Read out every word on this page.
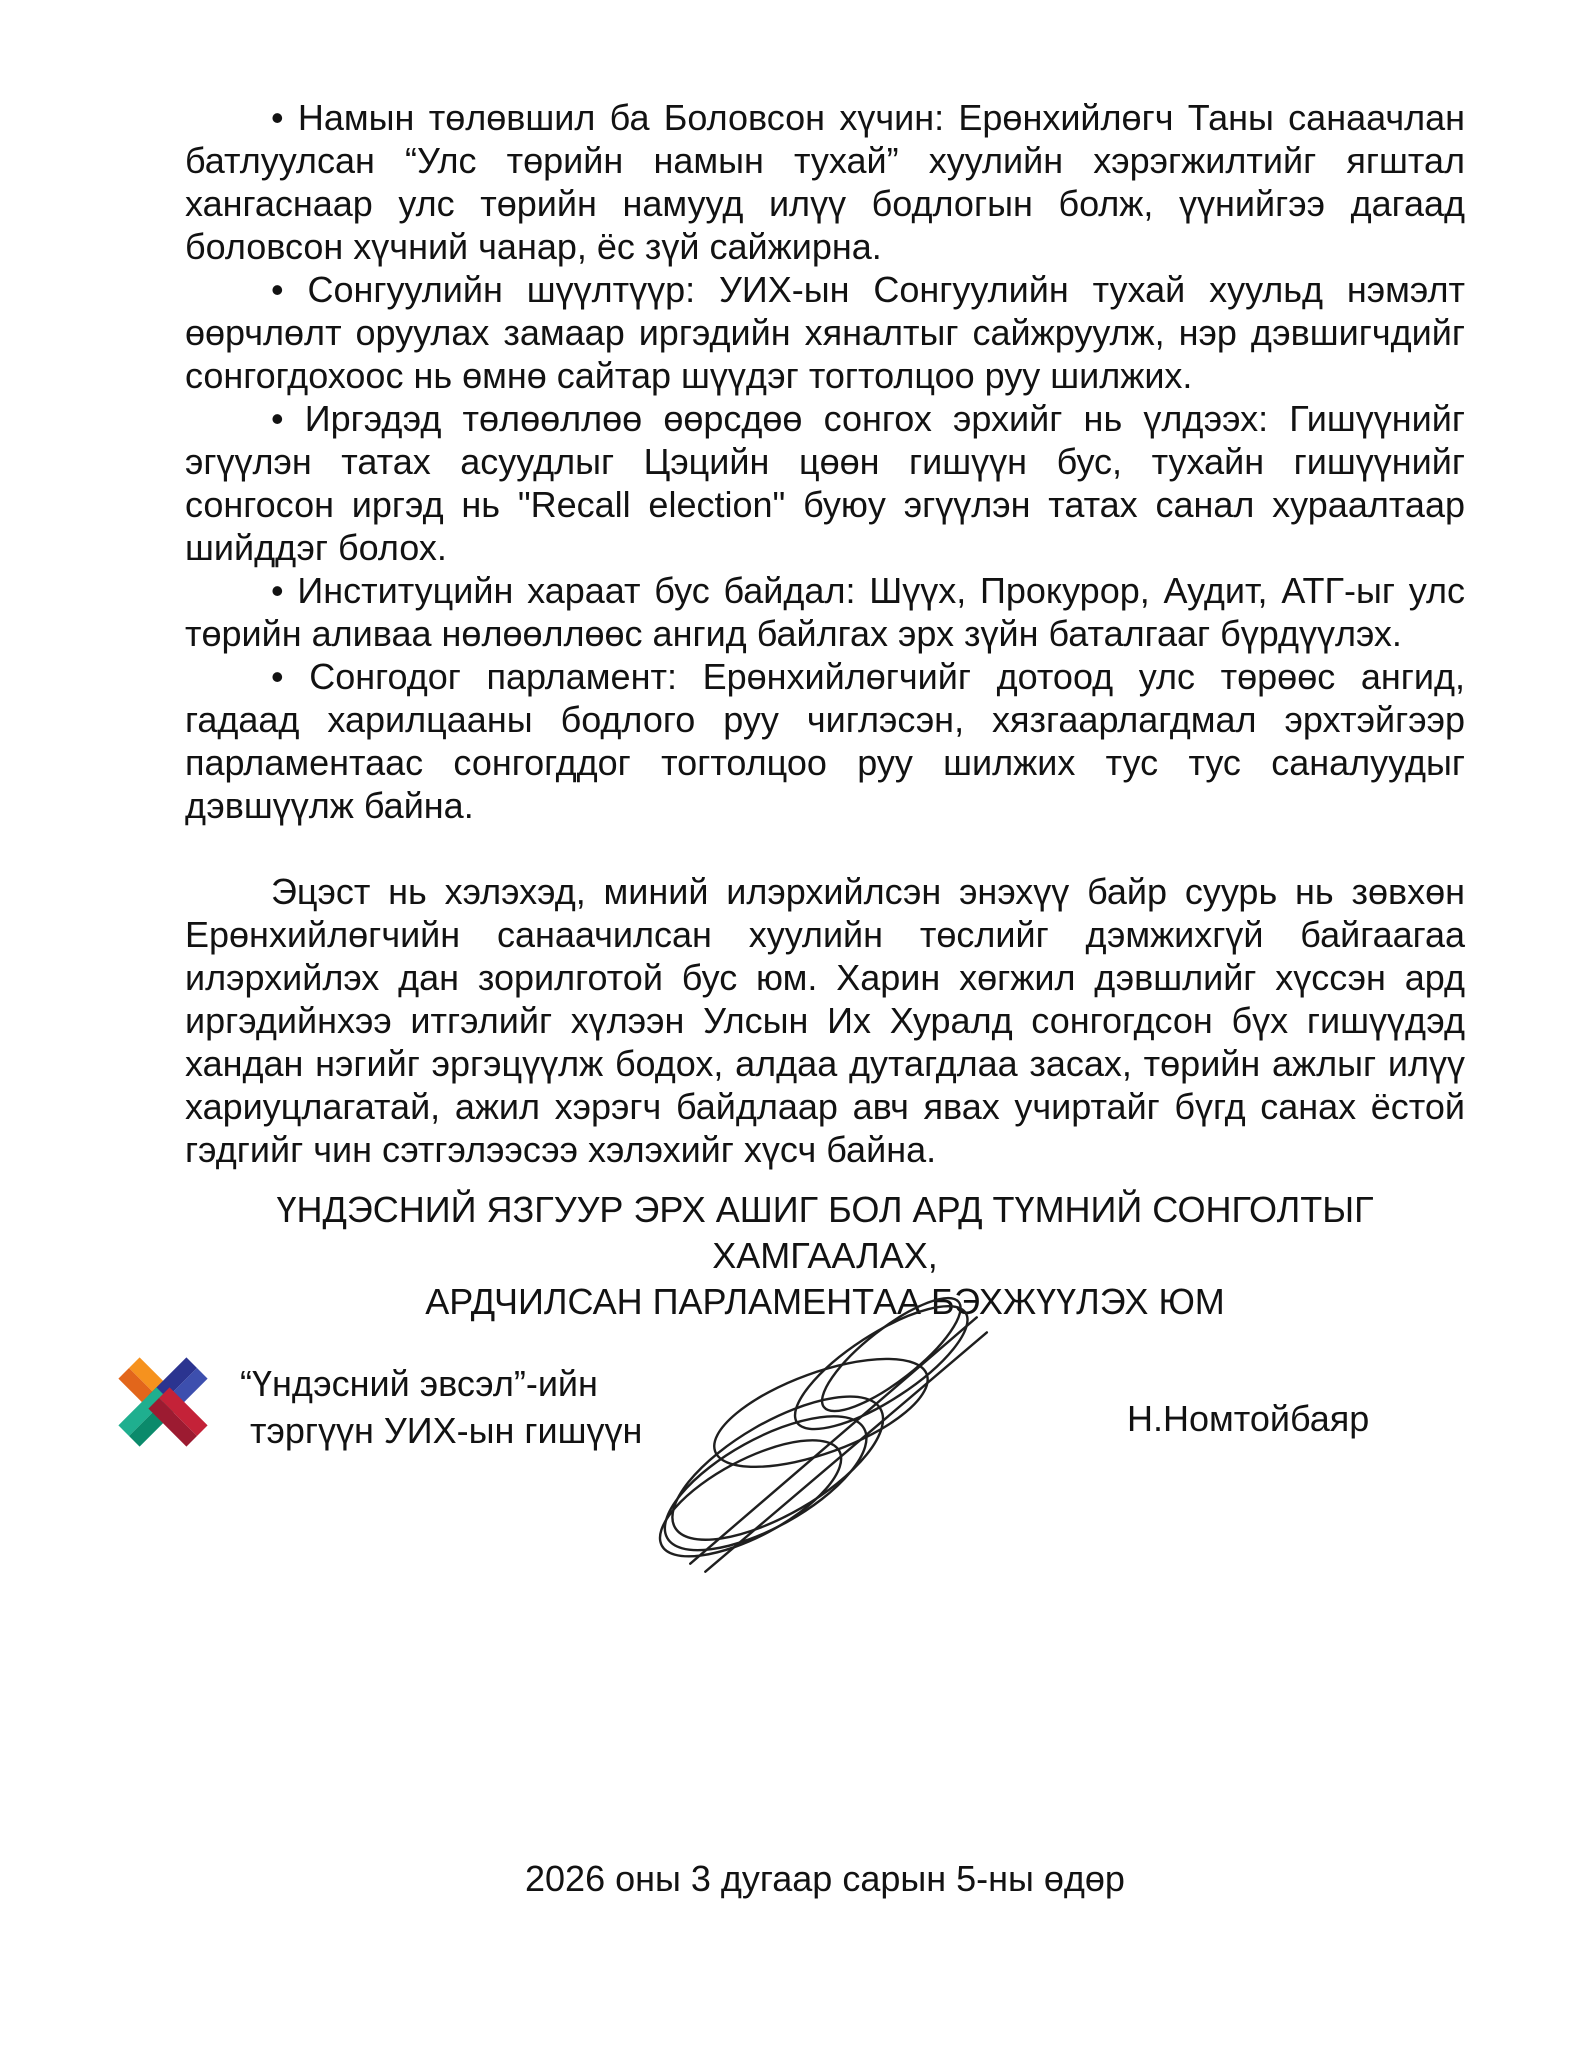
• Намын төлөвшил ба Боловсон хүчин: Ерөнхийлөгч Таны санаачлан батлуулсан “Улс төрийн намын тухай” хуулийн хэрэгжилтийг ягштал хангаснаар улс төрийн намууд илүү бодлогын болж, үүнийгээ дагаад боловсон хүчний чанар, ёс зүй сайжирна.

• Сонгуулийн шүүлтүүр: УИХ-ын Сонгуулийн тухай хуульд нэмэлт өөрчлөлт оруулах замаар иргэдийн хяналтыг сайжруулж, нэр дэвшигчдийг сонгогдохоос нь өмнө сайтар шүүдэг тогтолцоо руу шилжих.

• Иргэдэд төлөөллөө өөрсдөө сонгох эрхийг нь үлдээх: Гишүүнийг эгүүлэн татах асуудлыг Цэцийн цөөн гишүүн бус, тухайн гишүүнийг сонгосон иргэд нь "Recall election" буюу эгүүлэн татах санал хураалтаар шийддэг болох.

• Институцийн хараат бус байдал: Шүүх, Прокурор, Аудит, АТГ-ыг улс төрийн аливаа нөлөөллөөс ангид байлгах эрх зүйн баталгааг бүрдүүлэх.

• Сонгодог парламент: Ерөнхийлөгчийг дотоод улс төрөөс ангид, гадаад харилцааны бодлого руу чиглэсэн, хязгаарлагдмал эрхтэйгээр парламентаас сонгогддог тогтолцоо руу шилжих тус тус саналуудыг дэвшүүлж байна.

Эцэст нь хэлэхэд, миний илэрхийлсэн энэхүү байр суурь нь зөвхөн Ерөнхийлөгчийн санаачилсан хуулийн төслийг дэмжихгүй байгаагаа илэрхийлэх дан зорилготой бус юм. Харин хөгжил дэвшлийг хүссэн ард иргэдийнхээ итгэлийг хүлээн Улсын Их Хуралд сонгогдсон бүх гишүүдэд хандан нэгийг эргэцүүлж бодох, алдаа дутагдлаа засах, төрийн ажлыг илүү хариуцлагатай, ажил хэрэгч байдлаар авч явах учиртайг бүгд санах ёстой гэдгийг чин сэтгэлээсээ хэлэхийг хүсч байна.

ҮНДЭСНИЙ ЯЗГУУР ЭРХ АШИГ БОЛ АРД ТҮМНИЙ СОНГОЛТЫГ ХАМГААЛАХ,
АРДЧИЛСАН ПАРЛАМЕНТАА БЭХЖҮҮЛЭХ ЮМ
“Үндэсний эвсэл”-ийн
тэргүүн УИХ-ын гишүүн	Н.Номтойбаяр
2026 оны 3 дугаар сарын 5-ны өдөр
